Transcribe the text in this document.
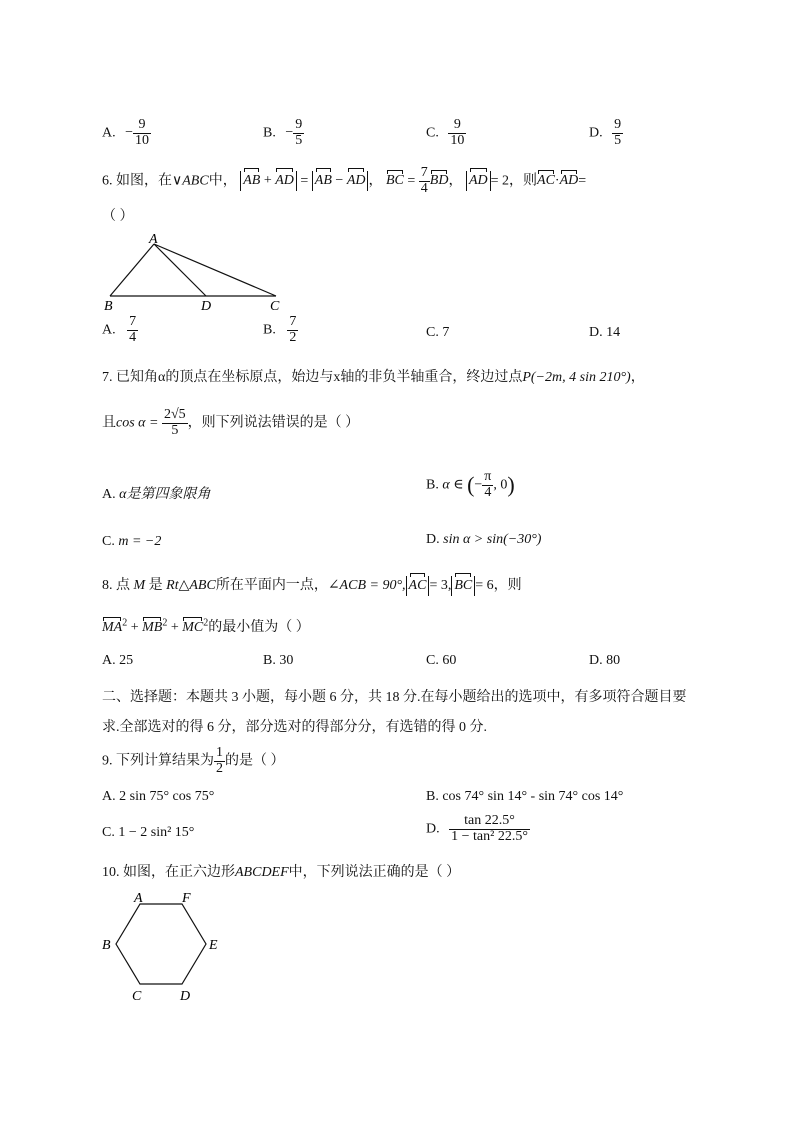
A. − $\frac{9}{10}$	B. − $\frac{9}{5}$	C. $\frac{9}{10}$	D. $\frac{9}{5}$
6. 如图，在∨ABC中， AB + AD = AB − AD ， BC = $\frac{7}{4}$ BD， AD = 2，则AC·AD=
（ ）
A
B	D	C
A. $\frac{7}{4}$	B. $\frac{7}{2}$	C. 7	D. 14
7. 已知角α的顶点在坐标原点，始边与x轴的非负半轴重合，终边过点P(−2m, 4 sin 210°)，
且$\cos \alpha = \frac{2√5}{5}$ ，则下列说法错误的是（ ）
A. α是第四象限角
B. α ∈ (− $\frac{\pi}{4}$ , 0)
C. m = −2	D. sin α > sin(−30°)
8. 点 M 是 Rt△ABC所在平面内一点，∠ACB = 90°, AC = 3, BC = 6，则
$MA^2 + MB^2 + MC^2$的最小值为（ ）
A. 25	B. 30	C. 60	D. 80
二、选择题：本题共 3 小题，每小题 6 分，共 18 分.在每小题给出的选项中，有多项符合题目要
求.全部选对的得 6 分，部分选对的得部分分，有选错的得 0 分.
9. 下列计算结果为 $\frac{1}{2}$ 的是（ ）
A. 2 sin 75° cos 75°	B. cos 74° sin 14° - sin 74° cos 14°
C. 1 − 2 sin² 15°	D. $\frac{\tan 22.5^\circ}{\text{1 − tan² 22.5°}}$
10. 如图，在正六边形ABCDEF中，下列说法正确的是（ ）
A	F
B	E
C	D
